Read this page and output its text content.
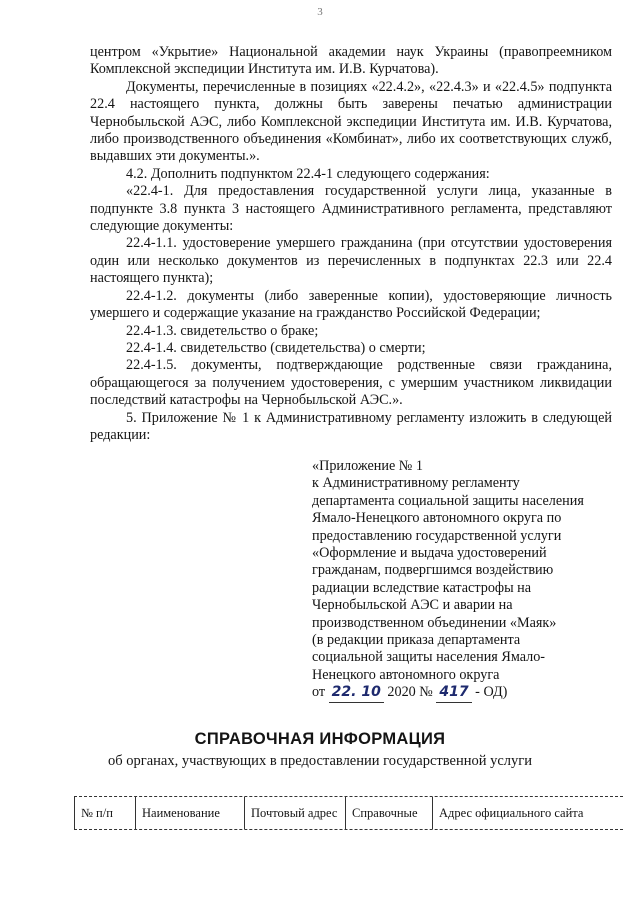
3

центром «Укрытие» Национальной академии наук Украины (правопреемником Комплексной экспедиции Института им. И.В. Курчатова).

Документы, перечисленные в позициях «22.4.2», «22.4.3» и «22.4.5» подпункта 22.4 настоящего пункта, должны быть заверены печатью администрации Чернобыльской АЭС, либо Комплексной экспедиции Института им. И.В. Курчатова, либо производственного объединения «Комбинат», либо их соответствующих служб, выдавших эти документы.».

4.2. Дополнить подпунктом 22.4-1 следующего содержания:

«22.4-1. Для предоставления государственной услуги лица, указанные в подпункте 3.8 пункта 3 настоящего Административного регламента, представляют следующие документы:

22.4-1.1. удостоверение умершего гражданина (при отсутствии удостоверения один или несколько документов из перечисленных в подпунктах 22.3 или 22.4 настоящего пункта);

22.4-1.2. документы (либо заверенные копии), удостоверяющие личность умершего и содержащие указание на гражданство Российской Федерации;

22.4-1.3. свидетельство о браке;

22.4-1.4. свидетельство (свидетельства) о смерти;

22.4-1.5. документы, подтверждающие родственные связи гражданина, обращающегося за получением удостоверения, с умершим участником ликвидации последствий катастрофы на Чернобыльской АЭС.».

5. Приложение № 1 к Административному регламенту изложить в следующей редакции:

«Приложение № 1
к Административному регламенту
департамента социальной защиты населения
Ямало-Ненецкого автономного округа по
предоставлению государственной услуги
«Оформление и выдача удостоверений
гражданам, подвергшимся воздействию
радиации вследствие катастрофы на
Чернобыльской АЭС и аварии на
производственном объединении «Маяк»
(в редакции приказа департамента
социальной защиты населения Ямало-
Ненецкого автономного округа
от 22. 10 2020 № 417 - ОД)
СПРАВОЧНАЯ ИНФОРМАЦИЯ
об органах, участвующих в предоставлении государственной услуги
№ п/п	Наименование	Почтовый адрес	Справочные	Адрес официального сайта
